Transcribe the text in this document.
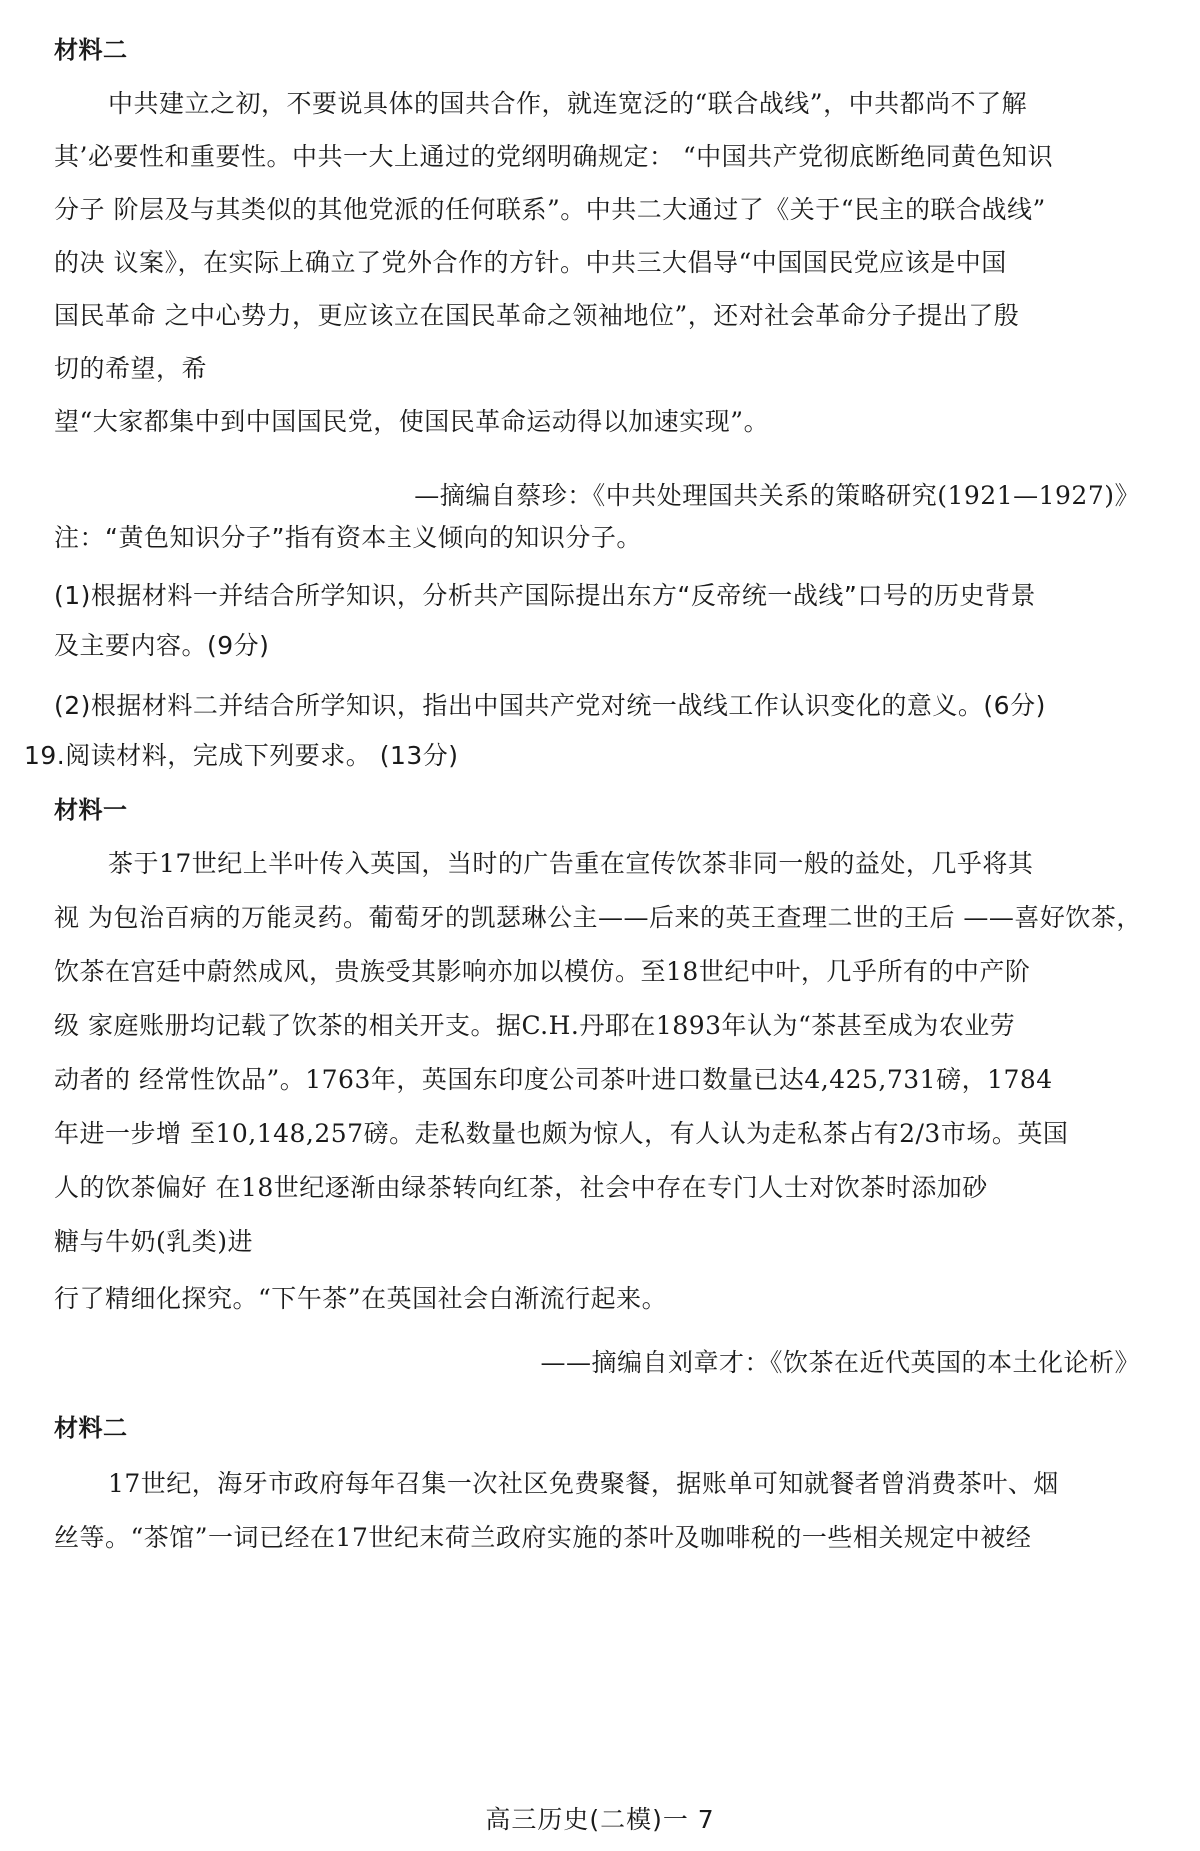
材料二
中共建立之初，不要说具体的国共合作，就连宽泛的“联合战线”，中共都尚不了解
其’必要性和重要性。中共一大上通过的党纲明确规定： “中国共产党彻底断绝同黄色知识
分子 阶层及与其类似的其他党派的任何联系”。中共二大通过了《关于“民主的联合战线”
的决 议案》，在实际上确立了党外合作的方针。中共三大倡导“中国国民党应该是中国
国民革命 之中心势力，更应该立在国民革命之领袖地位”，还对社会革命分子提出了殷
切的希望，希
望“大家都集中到中国国民党，使国民革命运动得以加速实现”。
—摘编自蔡珍：《中共处理国共关系的策略研究(1921—1927)》
注：“黄色知识分子”指有资本主义倾向的知识分子。
(1)根据材料一并结合所学知识，分析共产国际提出东方“反帝统一战线”口号的历史背景
及主要内容。(9分)
(2)根据材料二并结合所学知识，指出中国共产党对统一战线工作认识变化的意义。(6分)
19.阅读材料，完成下列要求。 (13分)
材料一
茶于17世纪上半叶传入英国，当时的广告重在宣传饮茶非同一般的益处，几乎将其
视 为包治百病的万能灵药。葡萄牙的凯瑟琳公主——后来的英王查理二世的王后 ——喜好饮茶，
饮茶在宫廷中蔚然成风，贵族受其影响亦加以模仿。至18世纪中叶，几乎所有的中产阶
级 家庭账册均记载了饮茶的相关开支。据C.H.丹耶在1893年认为“茶甚至成为农业劳
动者的 经常性饮品”。1763年，英国东印度公司茶叶进口数量已达4,425,731磅，1784
年进一步增 至10,148,257磅。走私数量也颇为惊人，有人认为走私茶占有2/3市场。英国
人的饮茶偏好 在18世纪逐渐由绿茶转向红茶，社会中存在专门人士对饮茶时添加砂
糖与牛奶(乳类)进
行了精细化探究。“下午茶”在英国社会白渐流行起来。
——摘编自刘章才：《饮茶在近代英国的本土化论析》
材料二
17世纪，海牙市政府每年召集一次社区免费聚餐，据账单可知就餐者曾消费茶叶、烟
丝等。“茶馆”一词已经在17世纪末荷兰政府实施的茶叶及咖啡税的一些相关规定中被经
高三历史(二模)一 7
